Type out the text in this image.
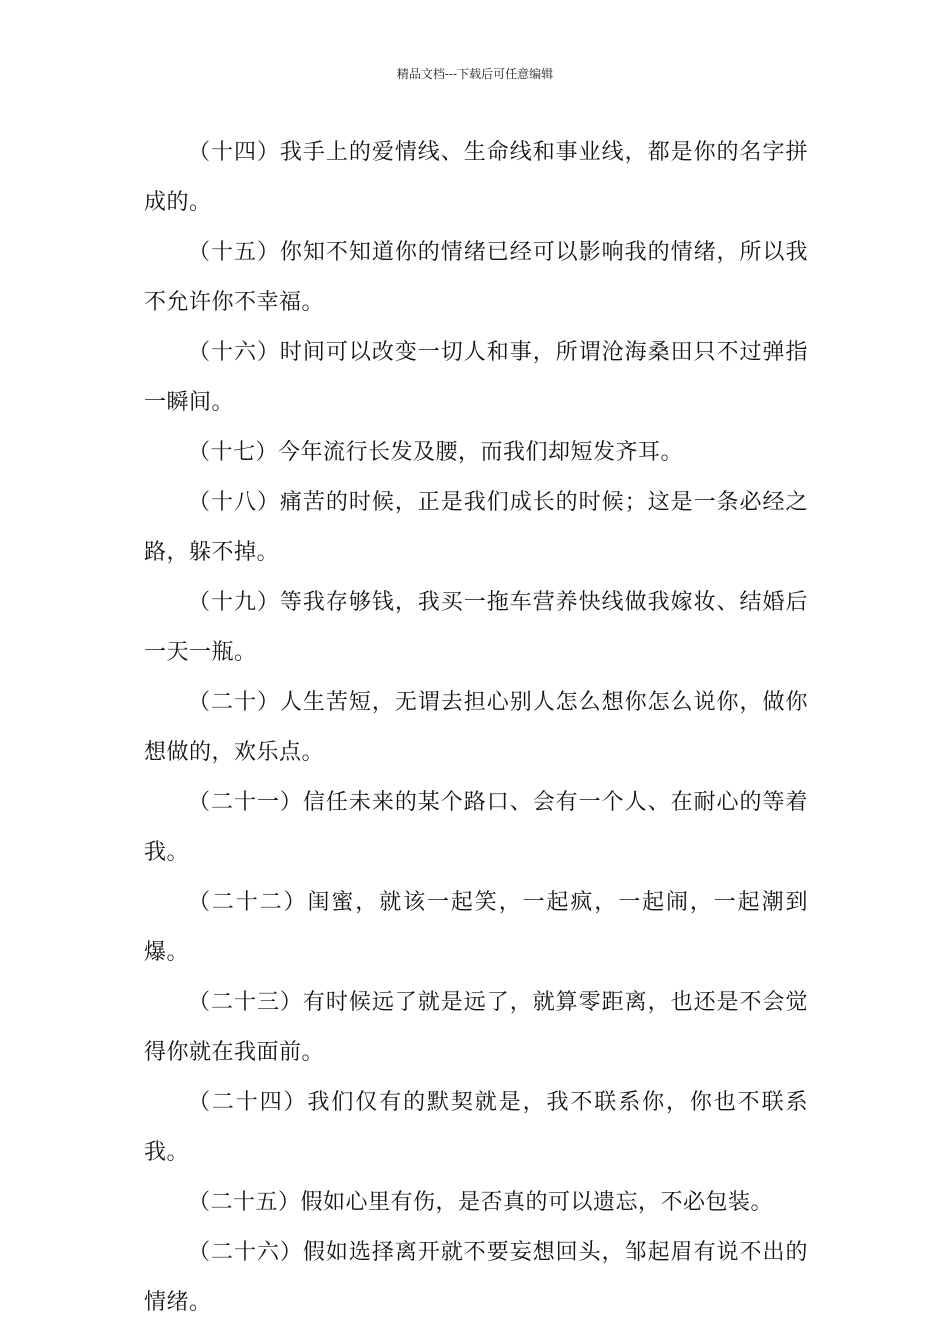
精品文档---下载后可任意编辑

（十四）我手上的爱情线、生命线和事业线，都是你的名字拼成的。

（十五）你知不知道你的情绪已经可以影响我的情绪，所以我不允许你不幸福。

（十六）时间可以改变一切人和事，所谓沧海桑田只不过弹指一瞬间。

（十七）今年流行长发及腰，而我们却短发齐耳。

（十八）痛苦的时候，正是我们成长的时候；这是一条必经之路，躲不掉。

（十九）等我存够钱，我买一拖车营养快线做我嫁妆、结婚后一天一瓶。

（二十）人生苦短，无谓去担心别人怎么想你怎么说你，做你想做的，欢乐点。

（二十一）信任未来的某个路口、会有一个人、在耐心的等着我。

（二十二）闺蜜，就该一起笑，一起疯，一起闹，一起潮到爆。

（二十三）有时候远了就是远了，就算零距离，也还是不会觉得你就在我面前。

（二十四）我们仅有的默契就是，我不联系你，你也不联系我。

（二十五）假如心里有伤，是否真的可以遗忘，不必包装。

（二十六）假如选择离开就不要妄想回头，邹起眉有说不出的情绪。
